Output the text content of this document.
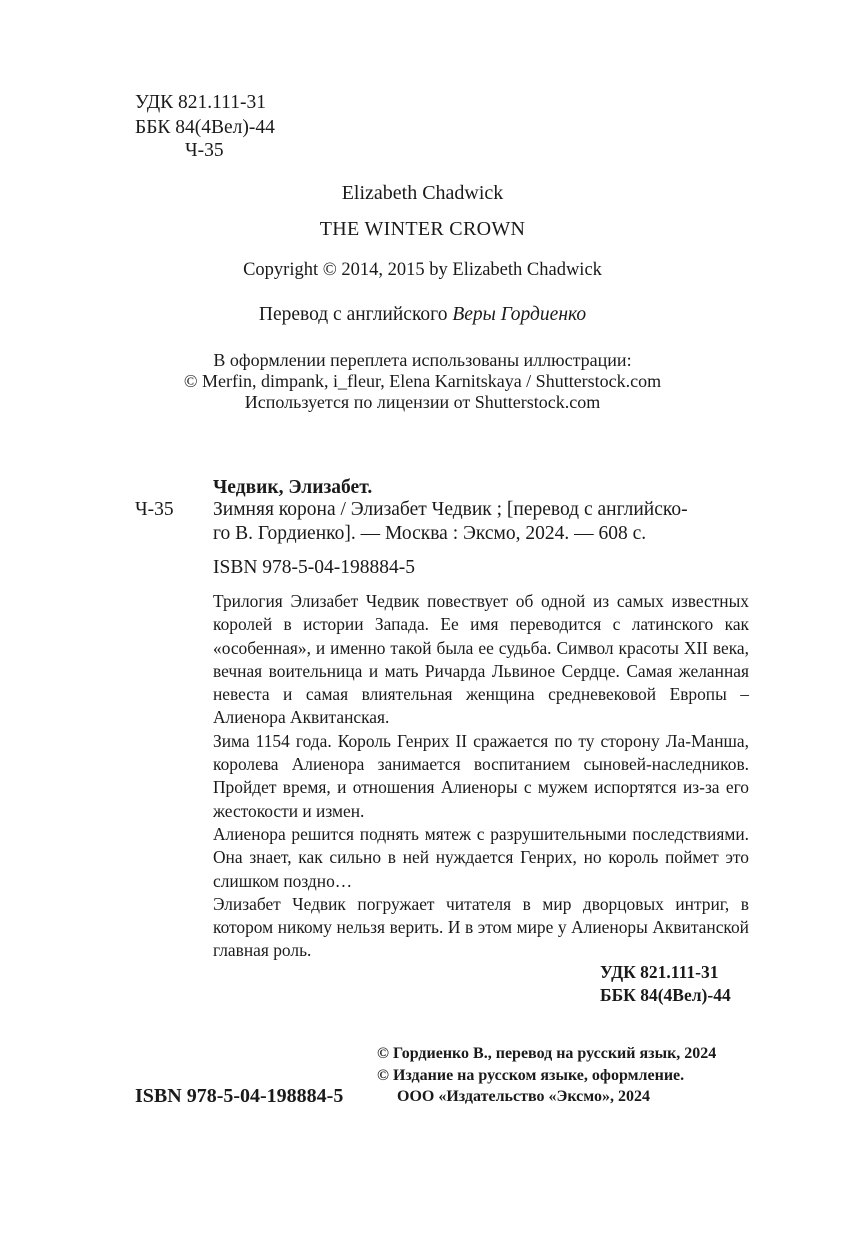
УДК 821.111-31
ББК 84(4Вел)-44
Ч-35
Elizabeth Chadwick
THE WINTER CROWN
Copyright © 2014, 2015 by Elizabeth Chadwick
Перевод с английского Веры Гордиенко
В оформлении переплета использованы иллюстрации:
© Merfin, dimpank, i_fleur, Elena Karnitskaya / Shutterstock.com
Используется по лицензии от Shutterstock.com
Чедвик, Элизабет.
Ч-35 Зимняя корона / Элизабет Чедвик ; [перевод с английско-
го В. Гордиенко]. — Москва : Эксмо, 2024. — 608 с.
ISBN 978-5-04-198884-5

Трилогия Элизабет Чедвик повествует об одной из самых известных королей в истории Запада. Ее имя переводится с латинского как «особенная», и именно такой была ее судьба. Символ красоты XII века, вечная воительница и мать Ричарда Львиное Сердце. Самая желанная невеста и самая влиятельная женщина средневековой Европы – Алиенора Аквитанская.

Зима 1154 года. Король Генрих II сражается по ту сторону Ла-Манша, королева Алиенора занимается воспитанием сыновей-наследников. Пройдет время, и отношения Алиеноры с мужем испортятся из-за его жестокости и измен.

Алиенора решится поднять мятеж с разрушительными последствиями. Она знает, как сильно в ней нуждается Генрих, но король поймет это слишком поздно…

Элизабет Чедвик погружает читателя в мир дворцовых интриг, в котором никому нельзя верить. И в этом мире у Алиеноры Аквитанской главная роль.

УДК 821.111-31
ББК 84(4Вел)-44
© Гордиенко В., перевод на русский язык, 2024
© Издание на русском языке, оформление.
ООО «Издательство «Эксмо», 2024
ISBN 978-5-04-198884-5
